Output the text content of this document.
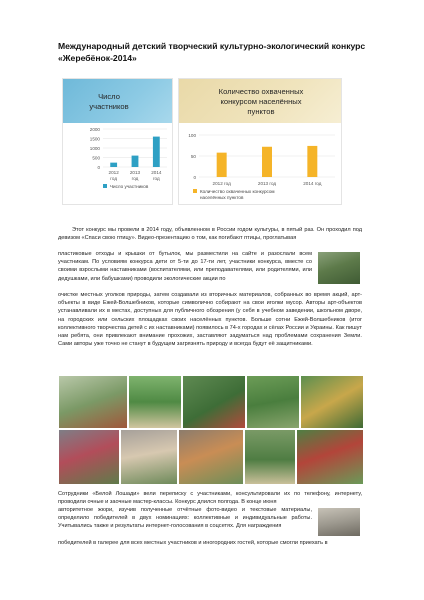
Международный детский творческий культурно-экологический конкурс «Жеребёнок-2014»
Число
участников
0
500
1000
1500
2000
2012
год
2013
год
2014
год
Число участников
Количество охваченных
конкурсом населённых
пунктов
0
50
100
2012 год	2013 год	2014 год
Количество охваченных конкурсом
населённых пунктов

Этот конкурс мы провели в 2014 году, объявленном в России годом культуры, в пятый раз. Он проходил под девизом «Спаси свою птицу». Видео-презентацию о том, как погибают птицы, проглатывая

пластиковые отходы и крышки от бутылок, мы разместили на сайте и разослали всем участникам. По условиям конкурса дети от 5-ти до 17-ти лет, участники конкурса, вместе со своими взрослыми наставниками (воспитателями, или преподавателями, или родителями, или дедушками, или бабушками) проводили экологические акции по
очистке местных уголков природы, затем создавали из вторичных материалов, собранных во время акций, арт-объекты в виде Ежей-Волшебников, которые символично собирают на свои иголки мусор. Авторы арт-объектов устанавливали их в местах, доступных для публичного обозрения (у себя в учебном заведении, школьном дворе, на городских или сельских площадках своих населённых пунктов. Больше сотни Ежей-Волшебников (итог коллективного творчества детей с их наставниками) появилось в 74-х городах и сёлах России и Украины. Как пишут нам ребята, они привлекают внимание прохожих, заставляют задуматься над проблемами сохранения Земли. Сами авторы уже точно не станут в будущем загрязнять природу и всегда будут её защитниками.
Сотрудники «Белой Лошади» вели переписку с участниками, консультировали их по телефону, интернету, проводили очные и заочные мастер-классы. Конкурс длился полгода. В конце июня
авторитетное жюри, изучив полученные отчётные фото-видео и текстовые материалы, определило победителей в двух номинациях: коллективные и индивидуальные работы. Учитывались также и результаты интернет-голосования в соцсетях. Для награждения
победителей в галерее для всех местных участников и иногородних гостей, которые смогли приехать в
